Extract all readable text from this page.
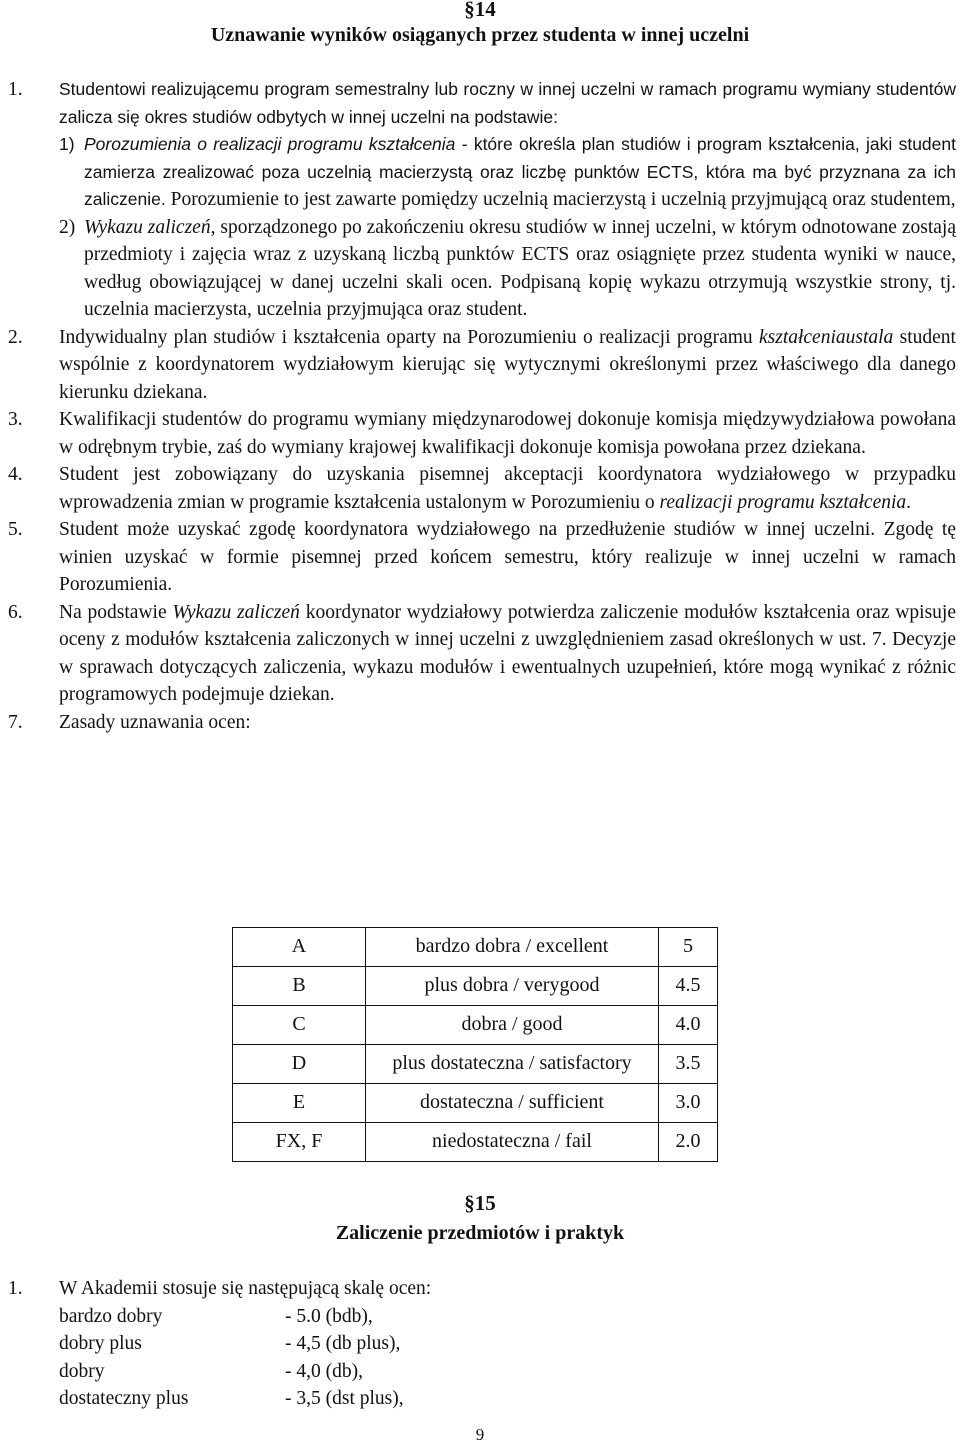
§14
Uznawanie wyników osiąganych przez studenta w innej uczelni
1.	Studentowi realizującemu program semestralny lub roczny w innej uczelni w ramach programu wymiany studentów zalicza się okres studiów odbytych w innej uczelni na podstawie:
1) Porozumienia o realizacji programu kształcenia - które określa plan studiów i program kształcenia, jaki student zamierza zrealizować poza uczelnią macierzystą oraz liczbę punktów ECTS, która ma być przyznana za ich zaliczenie. Porozumienie to jest zawarte pomiędzy uczelnią macierzystą i uczelnią przyjmującą oraz studentem,
2) Wykazu zaliczeń, sporządzonego po zakończeniu okresu studiów w innej uczelni, w którym odnotowane zostają przedmioty i zajęcia wraz z uzyskaną liczbą punktów ECTS oraz osiągnięte przez studenta wyniki w nauce, według obowiązującej w danej uczelni skali ocen. Podpisaną kopię wykazu otrzymują wszystkie strony, tj. uczelnia macierzysta, uczelnia przyjmująca oraz student.
2.	Indywidualny plan studiów i kształcenia oparty na Porozumieniu o realizacji programu kształceniaustala student wspólnie z koordynatorem wydziałowym kierując się wytycznymi określonymi przez właściwego dla danego kierunku dziekana.
3.	Kwalifikacji studentów do programu wymiany międzynarodowej dokonuje komisja międzywydziałowa powołana w odrębnym trybie, zaś do wymiany krajowej kwalifikacji dokonuje komisja powołana przez dziekana.
4.	Student jest zobowiązany do uzyskania pisemnej akceptacji koordynatora wydziałowego w przypadku wprowadzenia zmian w programie kształcenia ustalonym w Porozumieniu o realizacji programu kształcenia.
5.	Student może uzyskać zgodę koordynatora wydziałowego na przedłużenie studiów w innej uczelni. Zgodę tę winien uzyskać w formie pisemnej przed końcem semestru, który realizuje w innej uczelni w ramach Porozumienia.
6.	Na podstawie Wykazu zaliczeń koordynator wydziałowy potwierdza zaliczenie modułów kształcenia oraz wpisuje oceny z modułów kształcenia zaliczonych w innej uczelni z uwzględnieniem zasad określonych w ust. 7. Decyzje w sprawach dotyczących zaliczenia, wykazu modułów i ewentualnych uzupełnień, które mogą wynikać z różnic programowych podejmuje dziekan.
7.	Zasady uznawania ocen:
A	bardzo dobra / excellent	5
B	plus dobra / verygood	4.5
C	dobra / good	4.0
D	plus dostateczna / satisfactory	3.5
E	dostateczna / sufficient	3.0
FX, F	niedostateczna / fail	2.0
§15
Zaliczenie przedmiotów i praktyk
1.	W Akademii stosuje się następującą skalę ocen:
bardzo dobry	- 5.0 (bdb),
dobry plus	- 4,5 (db plus),
dobry	- 4,0 (db),
dostateczny plus	- 3,5 (dst plus),
9
